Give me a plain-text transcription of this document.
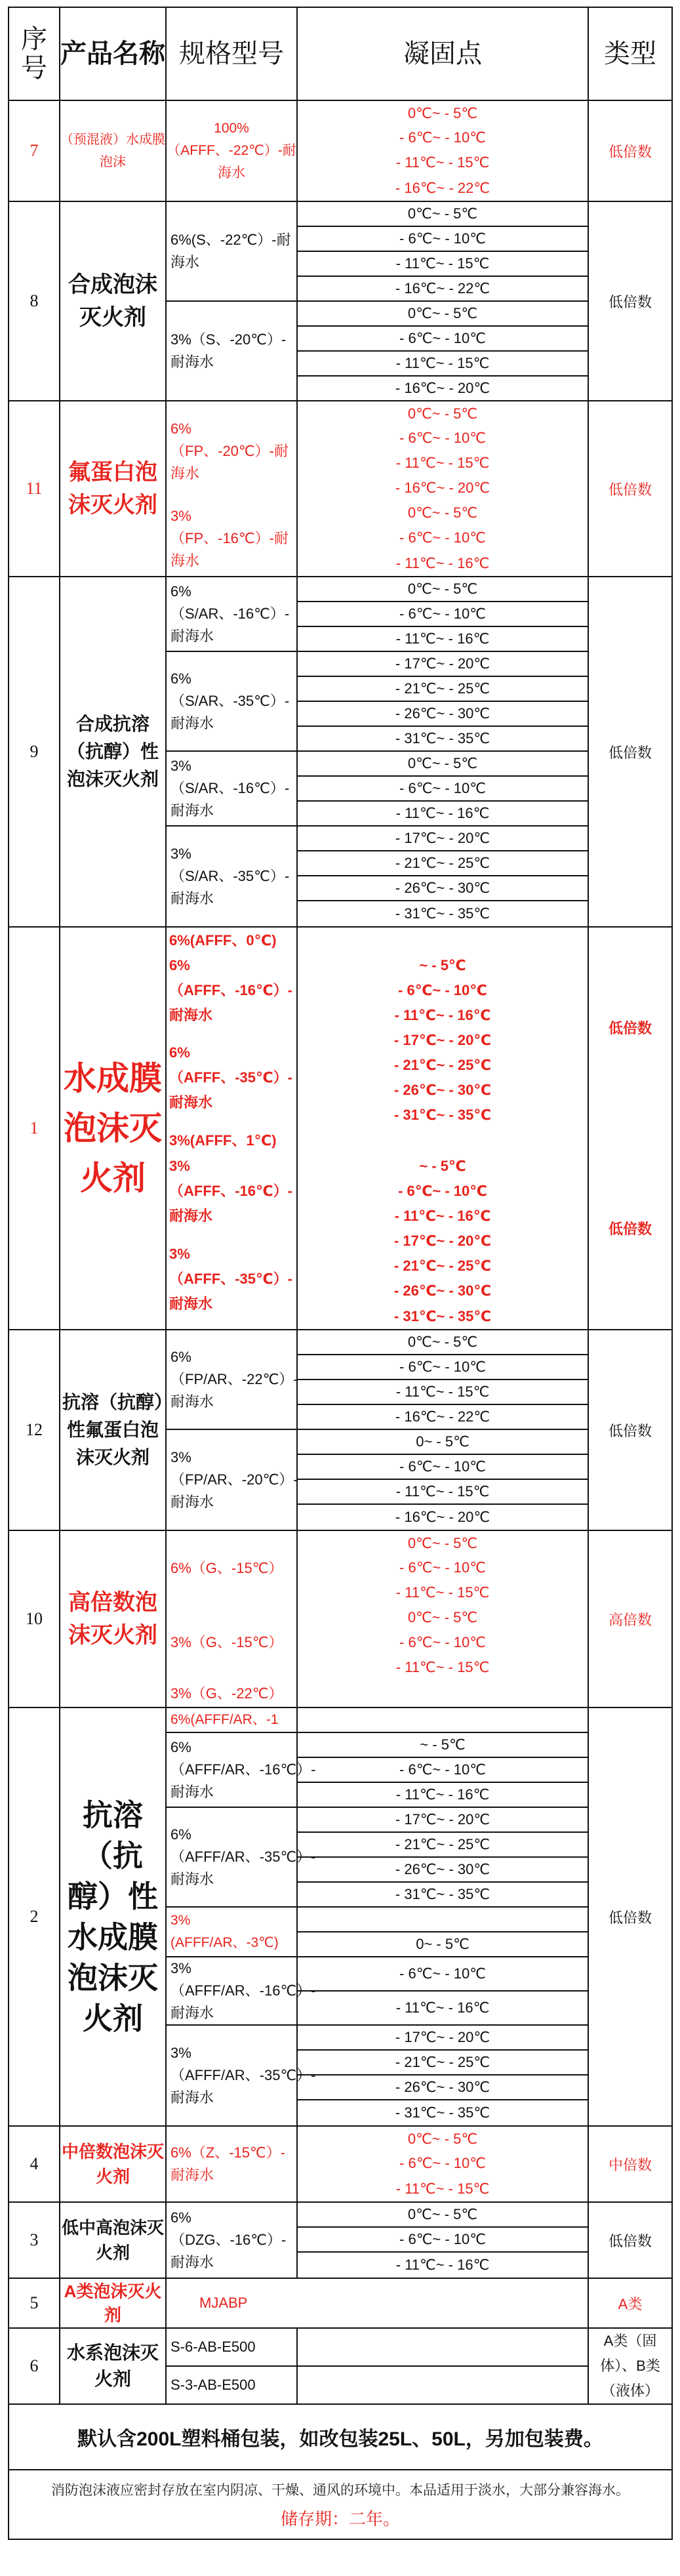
序号	产品名称	规格型号	凝固点	类型
7	（预混液）水成膜泡沫	100%（AFFF、-22℃）-耐海水	0℃~ - 5℃	低倍数
			- 6℃~ - 10℃	
			- 11℃~ - 15℃	
			- 16℃~ - 22℃	
8	合成泡沫灭火剂	6%(S、-22℃）-耐海水	0℃~ - 5℃	低倍数
			- 6℃~ - 10℃	
			- 11℃~ - 15℃	
			- 16℃~ - 22℃	
		3%（S、-20℃）-耐海水	0℃~ - 5℃	
			- 6℃~ - 10℃	
			- 11℃~ - 15℃	
			- 16℃~ - 20℃	
11	氟蛋白泡沫灭火剂	6%（FP、-20℃）-耐海水	0℃~ - 5℃	低倍数
			- 6℃~ - 10℃	
			- 11℃~ - 15℃	
			- 16℃~ - 20℃	
		3%（FP、-16℃）-耐海水	0℃~ - 5℃	
			- 6℃~ - 10℃	
			- 11℃~ - 16℃	
9	合成抗溶（抗醇）性泡沫灭火剂	6%（S/AR、-16℃）-耐海水	0℃~ - 5℃	低倍数
			- 6℃~ - 10℃	
			- 11℃~ - 16℃	
		6%（S/AR、-35℃）-耐海水	- 17℃~ - 20℃	
			- 21℃~ - 25℃	
			- 26℃~ - 30℃	
			- 31℃~ - 35℃	
		3%（S/AR、-16℃）-耐海水	0℃~ - 5℃	
			- 6℃~ - 10℃	
			- 11℃~ - 16℃	
		3%（S/AR、-35℃）-耐海水	- 17℃~ - 20℃	
			- 21℃~ - 25℃	
			- 26℃~ - 30℃	
			- 31℃~ - 35℃	
1	水成膜泡沫灭火剂	6%(AFFF、0℃)		低倍数
		6%（AFFF、-16℃）-耐海水	~ - 5℃	
			- 6℃~ - 10℃	
			- 11℃~ - 16℃	
		6%（AFFF、-35℃）-耐海水	- 17℃~ - 20℃	
			- 21℃~ - 25℃	
			- 26℃~ - 30℃	
			- 31℃~ - 35℃	
		3%(AFFF、1℃)		低倍数
		3%（AFFF、-16℃）-耐海水	~ - 5℃	
			- 6℃~ - 10℃	
			- 11℃~ - 16℃	
		3%（AFFF、-35℃）-耐海水	- 17℃~ - 20℃	
			- 21℃~ - 25℃	
			- 26℃~ - 30℃	
			- 31℃~ - 35℃	
12	抗溶（抗醇）性氟蛋白泡沫灭火剂	6%（FP/AR、-22℃）-耐海水	0℃~ - 5℃	低倍数
			- 6℃~ - 10℃	
			- 11℃~ - 15℃	
			- 16℃~ - 22℃	
		3%（FP/AR、-20℃）-耐海水	0~ - 5℃	
			- 6℃~ - 10℃	
			- 11℃~ - 15℃	
			- 16℃~ - 20℃	
10	高倍数泡沫灭火剂	6%（G、-15℃）	0℃~ - 5℃	高倍数
			- 6℃~ - 10℃	
			- 11℃~ - 15℃	
		3%（G、-15℃）	0℃~ - 5℃	
			- 6℃~ - 10℃	
			- 11℃~ - 15℃	
		3%（G、-22℃）		
2	抗溶（抗醇）性水成膜泡沫灭火剂	6%(AFFF/AR、-1		低倍数
		6%（AFFF/AR、-16℃）-耐海水	~ - 5℃	
			- 6℃~ - 10℃	
			- 11℃~ - 16℃	
		6%（AFFF/AR、-35℃）-耐海水	- 17℃~ - 20℃	
			- 21℃~ - 25℃	
			- 26℃~ - 30℃	
			- 31℃~ - 35℃	
		3%(AFFF/AR、-3℃)		
			0~ - 5℃	
		3%（AFFF/AR、-16℃）-耐海水	- 6℃~ - 10℃	
			- 11℃~ - 16℃	
		3%（AFFF/AR、-35℃）-耐海水	- 17℃~ - 20℃	
			- 21℃~ - 25℃	
			- 26℃~ - 30℃	
			- 31℃~ - 35℃	
4	中倍数泡沫灭火剂	6%（Z、-15℃）-耐海水	0℃~ - 5℃	中倍数
			- 6℃~ - 10℃	
			- 11℃~ - 15℃	
3	低中高泡沫灭火剂	6%（DZG、-16℃）-耐海水	0℃~ - 5℃	低倍数
			- 6℃~ - 10℃	
			- 11℃~ - 16℃	
5	A类泡沫灭火剂	MJABP		A类
6	水系泡沫灭火剂	S-6-AB-E500		A类（固体）、B类（液体）
		S-3-AB-E500		
默认含200L塑料桶包装，如改包装25L、50L，另加包装费。				

消防泡沫液应密封存放在室内阴凉、干燥、通风的环境中。本品适用于淡水，大部分兼容海水。
储存期：二年。				
